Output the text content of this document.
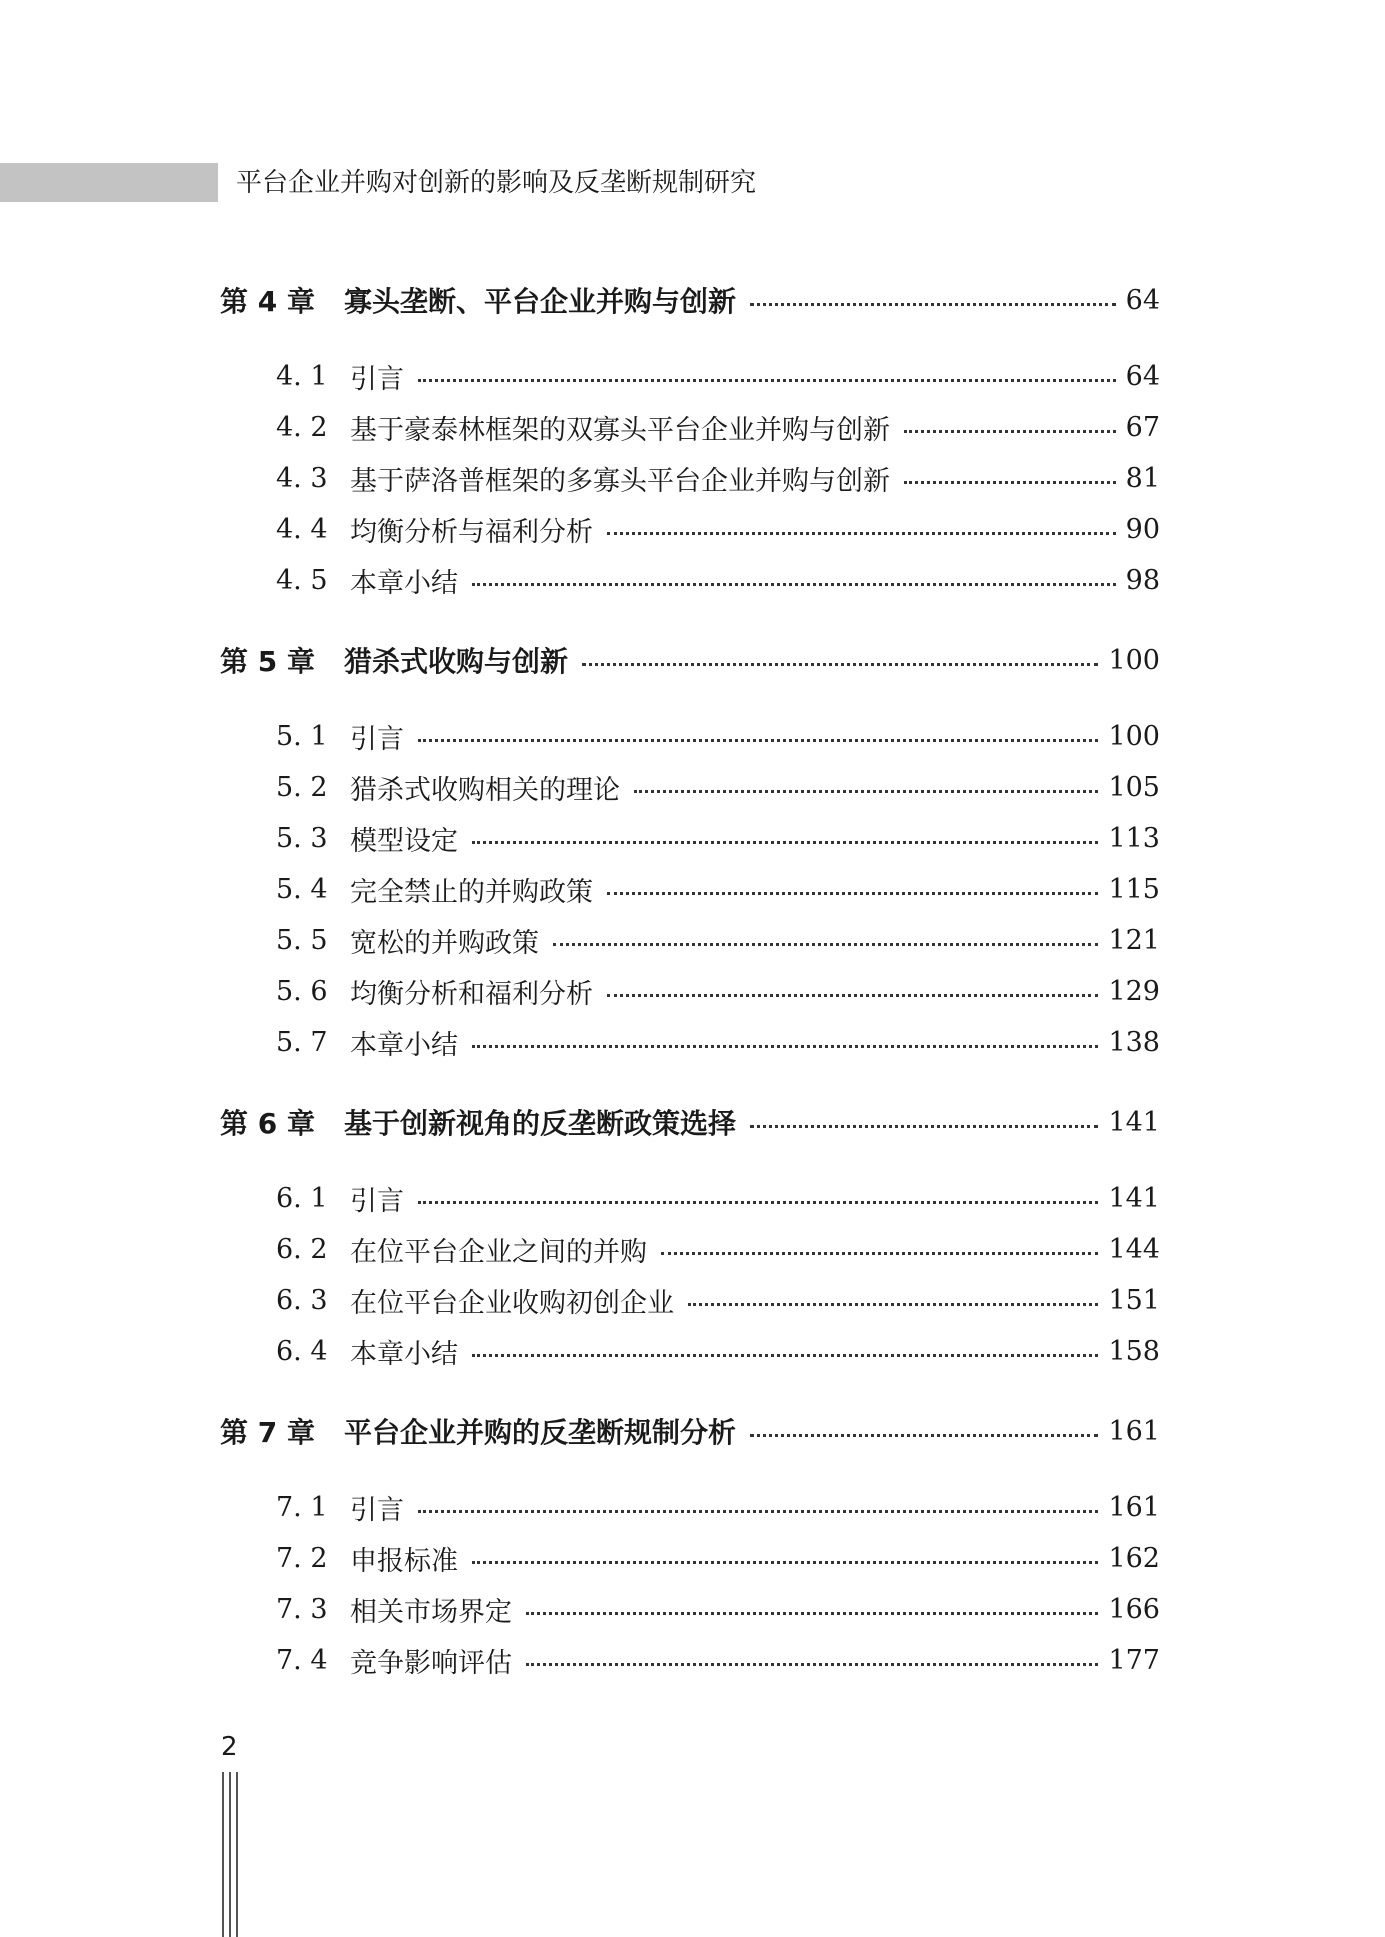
平台企业并购对创新的影响及反垄断规制研究
第 4 章	寡头垄断、平台企业并购与创新	64
4. 1 引言	64
4. 2 基于豪泰林框架的双寡头平台企业并购与创新	67
4. 3 基于萨洛普框架的多寡头平台企业并购与创新	81
4. 4 均衡分析与福利分析	90
4. 5 本章小结	98
第 5 章	猎杀式收购与创新	100
5. 1 引言	100
5. 2 猎杀式收购相关的理论	105
5. 3 模型设定	113
5. 4 完全禁止的并购政策	115
5. 5 宽松的并购政策	121
5. 6 均衡分析和福利分析	129
5. 7 本章小结	138
第 6 章	基于创新视角的反垄断政策选择	141
6. 1 引言	141
6. 2 在位平台企业之间的并购	144
6. 3 在位平台企业收购初创企业	151
6. 4 本章小结	158
第 7 章	平台企业并购的反垄断规制分析	161
7. 1 引言	161
7. 2 申报标准	162
7. 3 相关市场界定	166
7. 4 竞争影响评估	177
2
